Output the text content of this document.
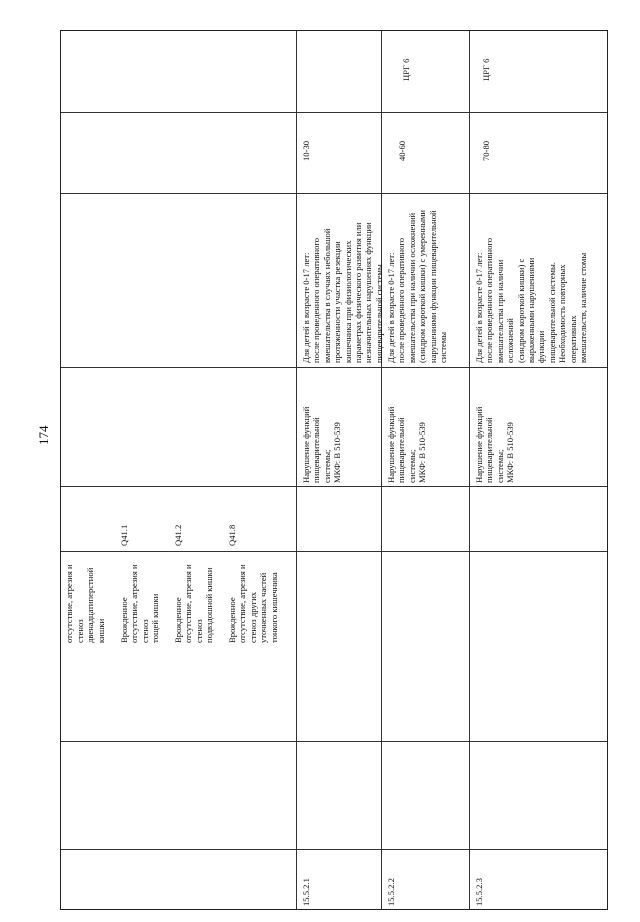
174
отсутствие, атрезия и стеноз двенадцатиперстной кишки Врожденное
отсутствие, атрезия и
стеноз
тощей кишки
Q41.1
Врожденное
отсутствие, атрезия и
стеноз
подвздошной кишки
Q41.2
Врожденное
отсутствие, атрезия и
стеноз других
уточненных частей
тонкого кишечника
Q41.8
15.5.2.1
Нарушение функций
пищеварительной
системы;
МКФ: В 510-539
Для детей в возрасте 0-17 лет:
после проведенного оперативного
вмешательства в случаях небольшой
протяженности участка резекции
кишечника при физиологических
параметрах физического развития или
незначительных нарушениях функции
пищеварительной системы
10-30
15.5.2.2
Нарушение функций
пищеварительной
системы;
МКФ: В 510-539
Для детей в возрасте 0-17 лет:
после проведенного оперативного
вмешательства при наличии осложнений
(синдром короткой кишки) с умеренными
нарушениями функции пищеварительной
системы
40-60
ЦРГ 6
15.5.2.3
Нарушение функций
пищеварительной
системы;
МКФ: В 510-539
Для детей в возрасте 0-17 лет:
после проведенного оперативного
вмешательства при наличии осложнений
(синдром короткой кишки) с
выраженными нарушениями функции
пищеварительной системы.
Необходимость повторных оперативных
вмешательств, наличие стомы
70-80
ЦРГ 6
